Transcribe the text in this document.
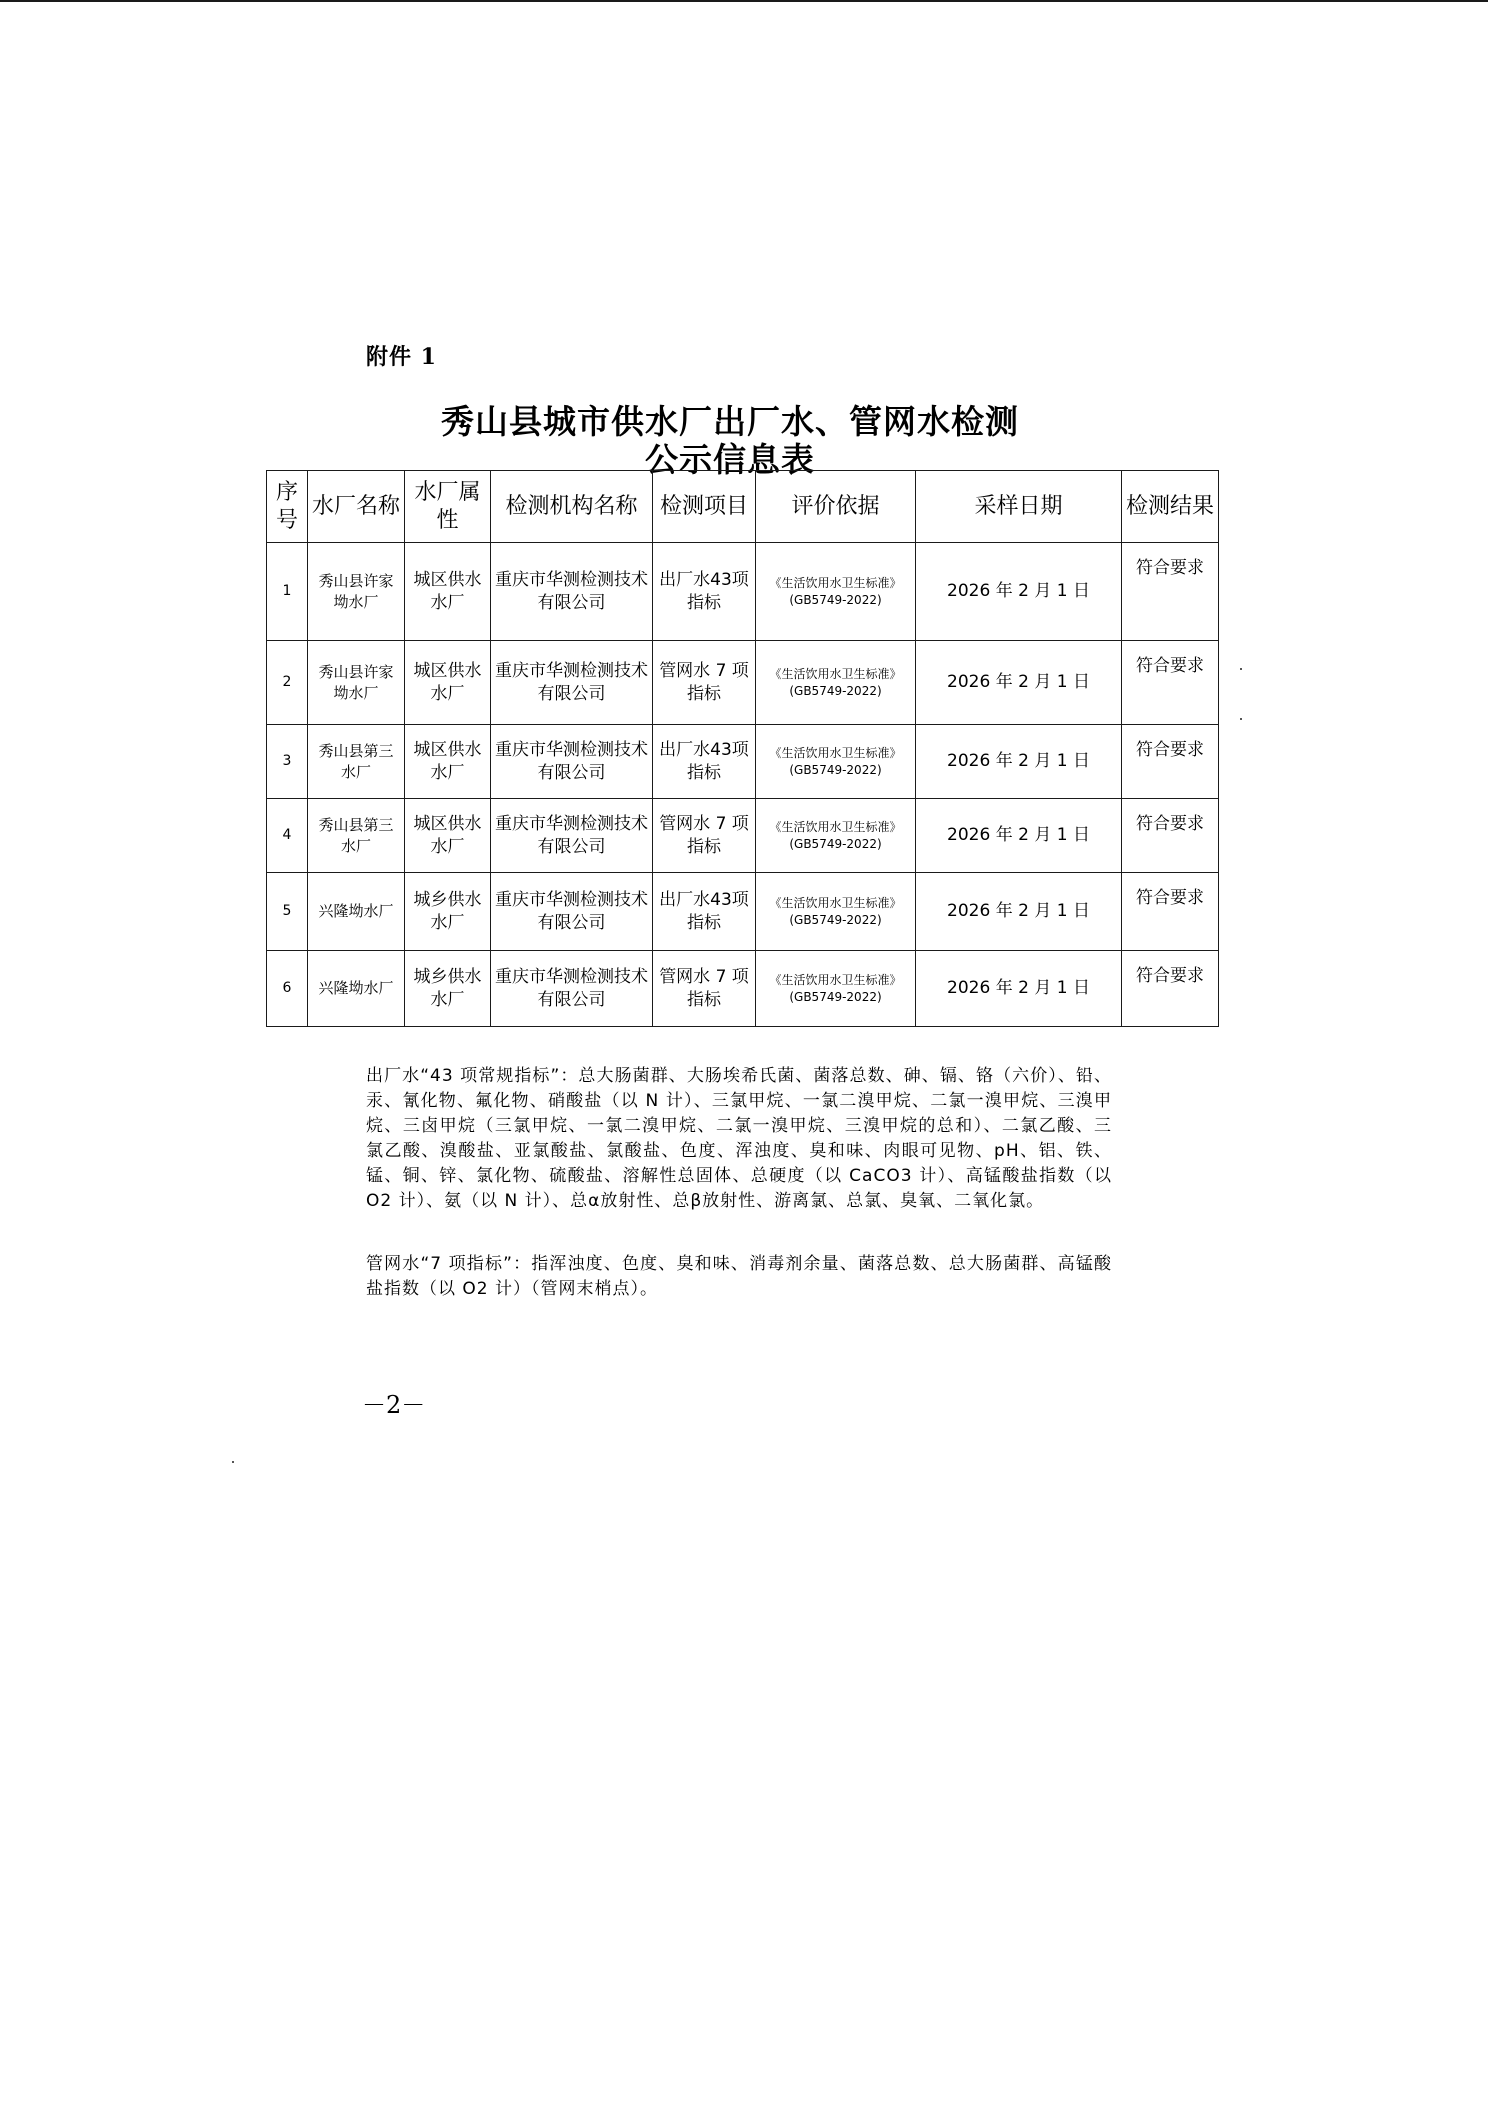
附件 1
秀山县城市供水厂出厂水、管网水检测
公示信息表
序号	水厂名称	水厂属性	检测机构名称	检测项目	评价依据	采样日期	检测结果
1	秀山县许家坳水厂	城区供水水厂	重庆市华测检测技术有限公司	出厂水43项指标	《生活饮用水卫生标准》(GB5749-2022)	2026 年 2 月 1 日	符合要求
2	秀山县许家坳水厂	城区供水水厂	重庆市华测检测技术有限公司	管网水 7 项指标	《生活饮用水卫生标准》(GB5749-2022)	2026 年 2 月 1 日	符合要求
3	秀山县第三水厂	城区供水水厂	重庆市华测检测技术有限公司	出厂水43项指标	《生活饮用水卫生标准》(GB5749-2022)	2026 年 2 月 1 日	符合要求
4	秀山县第三水厂	城区供水水厂	重庆市华测检测技术有限公司	管网水 7 项指标	《生活饮用水卫生标准》(GB5749-2022)	2026 年 2 月 1 日	符合要求
5	兴隆坳水厂	城乡供水水厂	重庆市华测检测技术有限公司	出厂水43项指标	《生活饮用水卫生标准》(GB5749-2022)	2026 年 2 月 1 日	符合要求
6	兴隆坳水厂	城乡供水水厂	重庆市华测检测技术有限公司	管网水 7 项指标	《生活饮用水卫生标准》(GB5749-2022)	2026 年 2 月 1 日	符合要求
出厂水“43 项常规指标”：总大肠菌群、大肠埃希氏菌、菌落总数、砷、镉、铬（六价）、铅、汞、氰化物、氟化物、硝酸盐（以 N 计）、三氯甲烷、一氯二溴甲烷、二氯一溴甲烷、三溴甲烷、三卤甲烷（三氯甲烷、一氯二溴甲烷、二氯一溴甲烷、三溴甲烷的总和）、二氯乙酸、三氯乙酸、溴酸盐、亚氯酸盐、氯酸盐、色度、浑浊度、臭和味、肉眼可见物、pH、铝、铁、锰、铜、锌、氯化物、硫酸盐、溶解性总固体、总硬度（以 CaCO3 计）、高锰酸盐指数（以 O2 计）、氨（以 N 计）、总α放射性、总β放射性、游离氯、总氯、臭氧、二氧化氯。
管网水“7 项指标”：指浑浊度、色度、臭和味、消毒剂余量、菌落总数、总大肠菌群、高锰酸盐指数（以 O2 计）（管网末梢点）。
－2－
